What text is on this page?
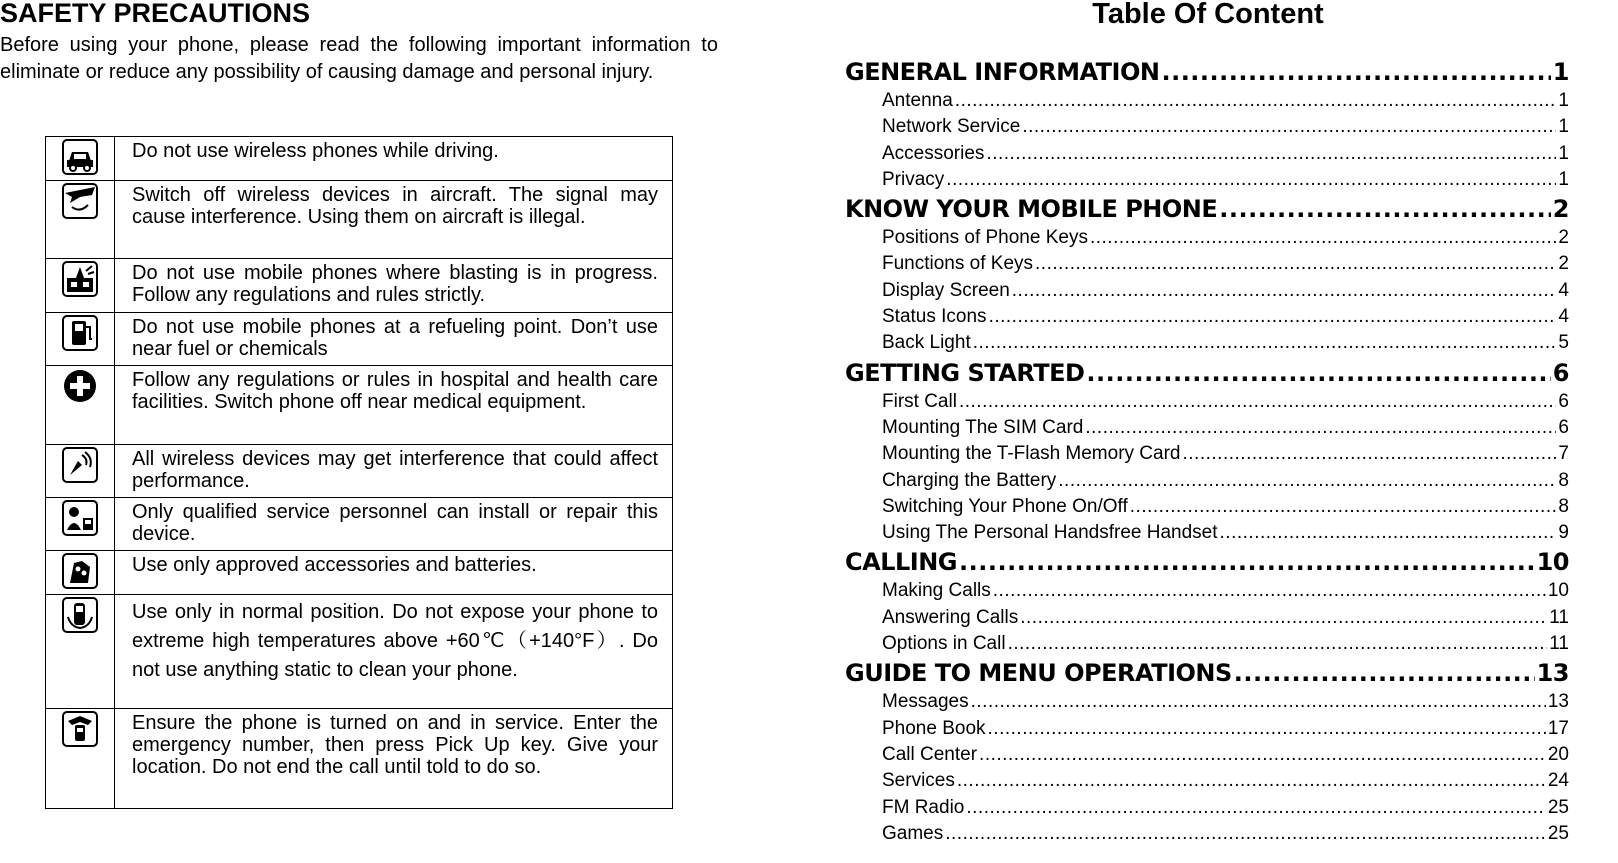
SAFETY PRECAUTIONS

Before using your phone, please read the following important information to eliminate or reduce any possibility of causing damage and personal injury.

	Do not use wireless phones while driving.

	Switch off wireless devices in aircraft. The signal may cause interference. Using them on aircraft is illegal.

	Do not use mobile phones where blasting is in progress. Follow any regulations and rules strictly.

	Do not use mobile phones at a refueling point. Don’t use near fuel or chemicals

	Follow any regulations or rules in hospital and health care facilities. Switch phone off near medical equipment.

	All wireless devices may get interference that could affect performance.

	Only qualified service personnel can install or repair this device.

	Use only approved accessories and batteries.

	Use only in normal position. Do not expose your phone to extreme high temperatures above +60℃（+140°F）. Do not use anything static to clean your phone.

	Ensure the phone is turned on and in service. Enter the emergency number, then press Pick Up key. Give your location. Do not end the call until told to do so.
Table Of Content
GENERAL INFORMATION .....	1
Antenna .....	1
Network Service .....	1
Accessories .....	1
Privacy .....	1
KNOW YOUR MOBILE PHONE .....	2
Positions of Phone Keys .....	2
Functions of Keys .....	2
Display Screen .....	4
Status Icons .....	4
Back Light .....	5
GETTING STARTED .....	6
First Call .....	6
Mounting The SIM Card .....	6
Mounting the T-Flash Memory Card .....	7
Charging the Battery .....	8
Switching Your Phone On/Off .....	8
Using The Personal Handsfree Handset .....	9
CALLING .....	10
Making Calls .....	10
Answering Calls .....	11
Options in Call .....	11
GUIDE TO MENU OPERATIONS .....	13
Messages .....	13
Phone Book .....	17
Call Center .....	20
Services .....	24
FM Radio .....	25
Games .....	25
